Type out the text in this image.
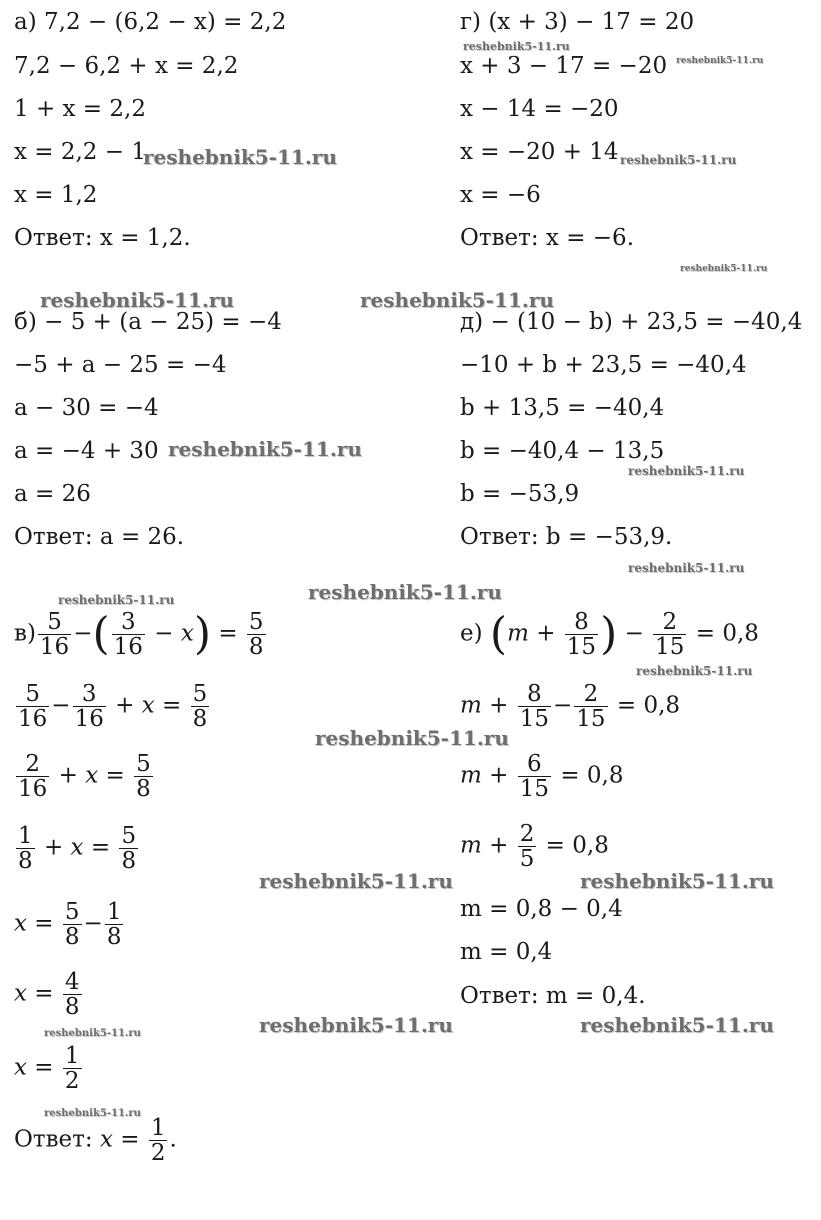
а) 7,2 − (6,2 − x) = 2,2
7,2 − 6,2 + x = 2,2
1 + x = 2,2
x = 2,2 − 1
x = 1,2
Ответ: x = 1,2.
г) (x + 3) − 17 = 20
x + 3 − 17 = −20
x − 14 = −20
x = −20 + 14
x = −6
Ответ: x = −6.
б) − 5 + (a − 25) = −4
−5 + a − 25 = −4
a − 30 = −4
a = −4 + 30
a = 26
Ответ: a = 26.
д) − (10 − b) + 23,5 = −40,4
−10 + b + 23,5 = −40,4
b + 13,5 = −40,4
b = −40,4 − 13,5
b = −53,9
Ответ: b = −53,9.
$в) \frac{5}{16}$ −( $\frac{3}{16} - x) = \frac{5}{8}$
$\frac{5}{16} - \frac{3}{16} + x = \frac{5}{8}$
$\frac{2}{16} + x = \frac{5}{8}$
$\frac{1}{8} + x = \frac{5}{8}$
$x = \frac{5}{8} - \frac{1}{8}$
$x = \frac{4}{8}$
$x = \frac{1}{2}$
Ответ: $x = \frac{1}{2}$ .
е) ($m + \frac{8}{15}$ ) − $\frac{2}{15} = 0,8$
$m + \frac{8}{15} - \frac{2}{15} = 0,8$
$m + \frac{6}{15} = 0,8$
$m + \frac{2}{5} = 0,8$
m = 0,8 − 0,4
m = 0,4
Ответ: m = 0,4.
reshebnik5-11.ru
reshebnik5-11.ru
reshebnik5-11.ru	reshebnik5-11.ru
reshebnik5-11.ru
reshebnik5-11.ru	reshebnik5-11.ru
reshebnik5-11.ru
reshebnik5-11.ru
reshebnik5-11.ru
reshebnik5-11.ru
reshebnik5-11.ru
reshebnik5-11.ru
reshebnik5-11.ru
reshebnik5-11.ru	reshebnik5-11.ru
reshebnik5-11.ru	reshebnik5-11.ru
reshebnik5-11.ru
reshebnik5-11.ru
